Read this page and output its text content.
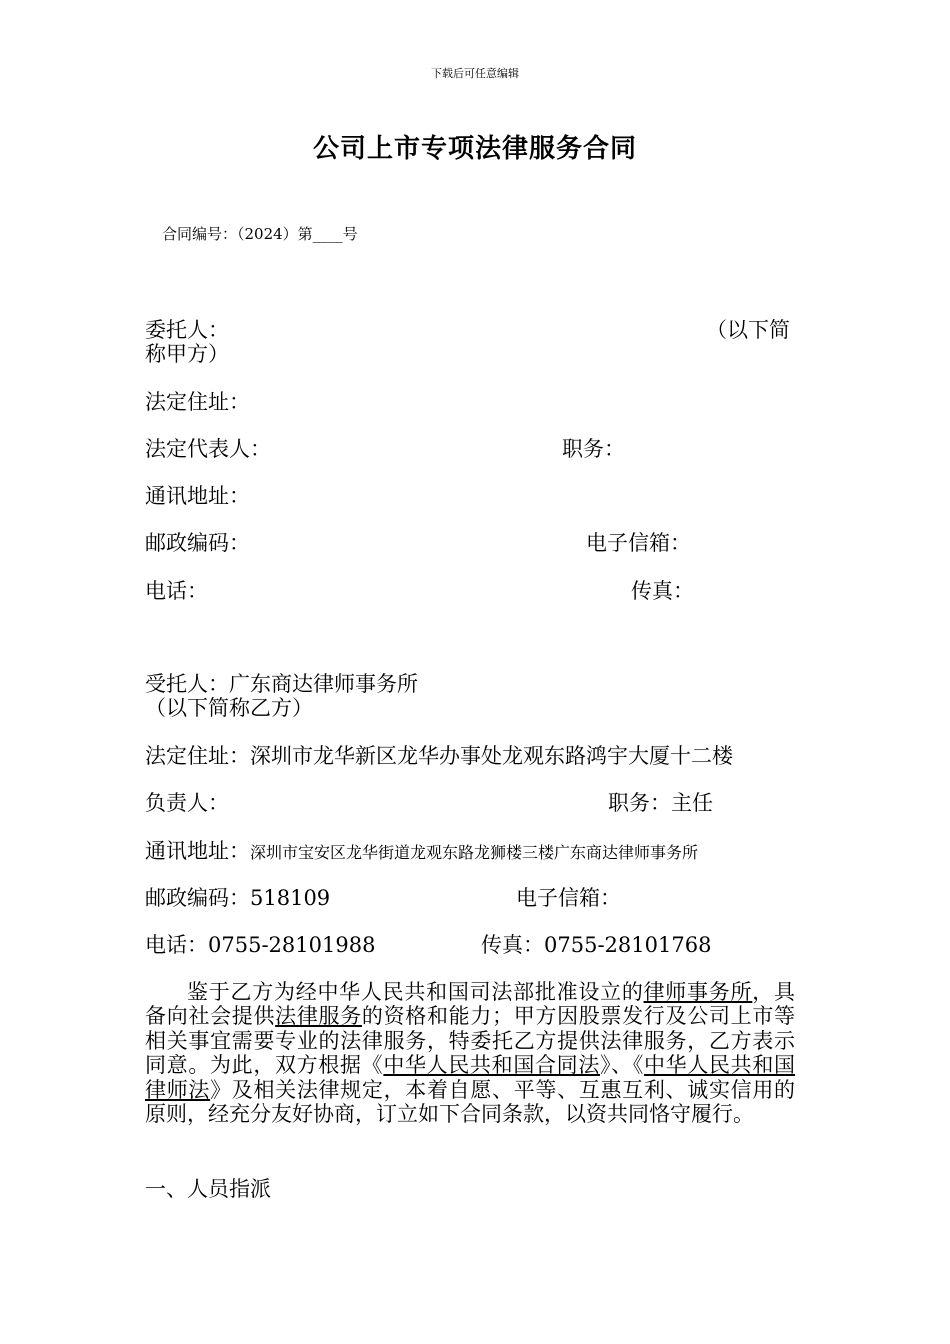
下载后可任意编辑
公司上市专项法律服务合同
合同编号：（2024）第____号
委托人：	（以下简
称甲方）
法定住址：
法定代表人：	职务：
通讯地址：
邮政编码：	电子信箱：
电话：	传真：
受托人：广东商达律师事务所
（以下简称乙方）
法定住址：深圳市龙华新区龙华办事处龙观东路鸿宇大厦十二楼
负责人：	职务：主任
通讯地址：深圳市宝安区龙华街道龙观东路龙狮楼三楼广东商达律师事务所
邮政编码：518109	电子信箱：
电话：0755-28101988	传真：0755-28101768
鉴于乙方为经中华人民共和国司法部批准设立的律师事务所，具备向社会提供法律服务的资格和能力；甲方因股票发行及公司上市等相关事宜需要专业的法律服务，特委托乙方提供法律服务，乙方表示同意。为此，双方根据《中华人民共和国合同法》、《中华人民共和国律师法》及相关法律规定，本着自愿、平等、互惠互利、诚实信用的原则，经充分友好协商，订立如下合同条款，以资共同恪守履行。
一、人员指派
